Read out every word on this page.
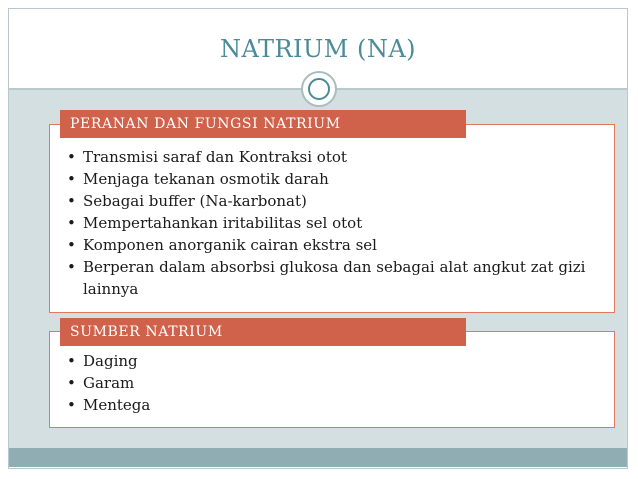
NATRIUM (NA)
PERANAN DAN FUNGSI NATRIUM
• Transmisi saraf dan Kontraksi otot
• Menjaga tekanan osmotik darah
• Sebagai buffer (Na-karbonat)
• Mempertahankan iritabilitas sel otot
• Komponen anorganik cairan ekstra sel
• Berperan dalam absorbsi glukosa dan sebagai alat angkut zat gizi lainnya
SUMBER NATRIUM
• Daging
• Garam
• Mentega
